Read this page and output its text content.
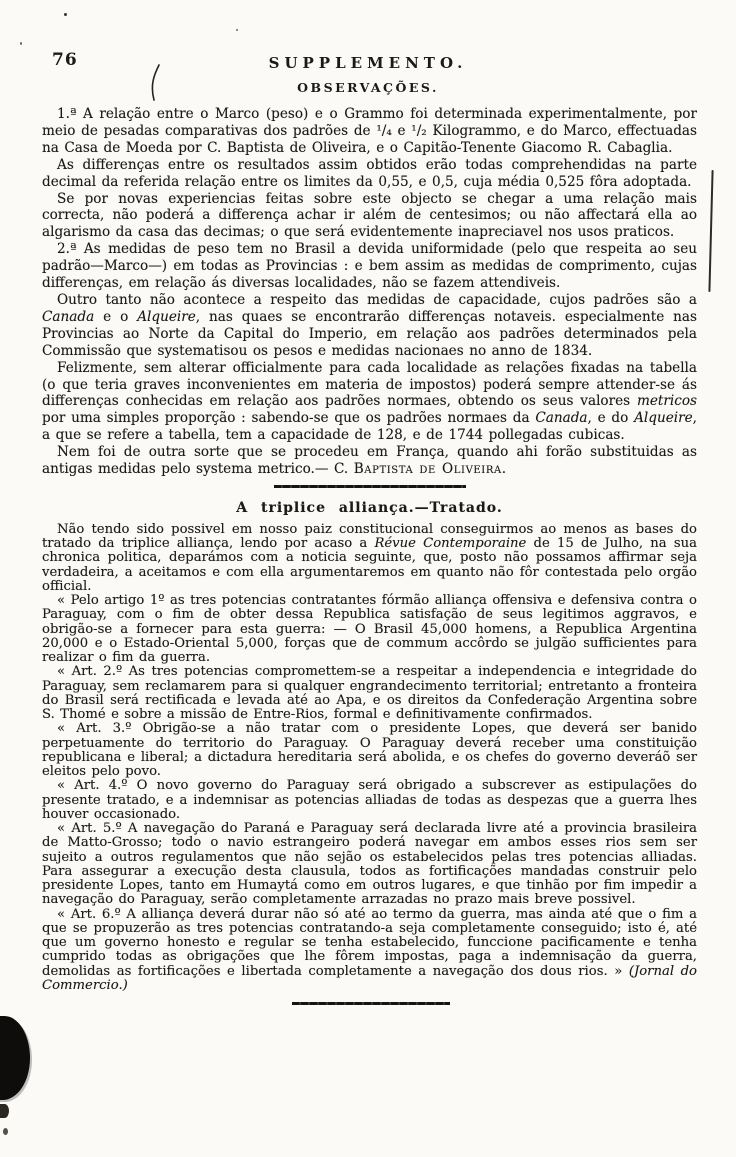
76	SUPPLEMENTO.
OBSERVAÇÕES.

1.ª A relação entre o Marco (peso) e o Grammo foi determinada experimentalmente, por meio de pesadas comparativas dos padrões de ¹/₄ e ¹/₂ Kilogrammo, e do Marco, effectuadas na Casa de Moeda por C. Baptista de Oliveira, e o Capitão-Tenente Giacomo R. Cabaglia.

As differenças entre os resultados assim obtidos erão todas comprehendidas na parte decimal da referida relação entre os limites da 0,55, e 0,5, cuja média 0,525 fôra adoptada.

Se por novas experiencias feitas sobre este objecto se chegar a uma relação mais correcta, não poderá a differença achar ir além de centesimos; ou não affectará ella ao algarismo da casa das decimas; o que será evidentemente inapreciavel nos usos praticos.

2.ª As medidas de peso tem no Brasil a devida uniformidade (pelo que respeita ao seu padrão—Marco—) em todas as Provincias : e bem assim as medidas de comprimento, cujas differenças, em relação ás diversas localidades, não se fazem attendiveis.

Outro tanto não acontece a respeito das medidas de capacidade, cujos padrões são a Canada e o Alqueire, nas quaes se encontrarão differenças notaveis. especialmente nas Provincias ao Norte da Capital do Imperio, em relação aos padrões determinados pela Commissão que systematisou os pesos e medidas nacionaes no anno de 1834.

Felizmente, sem alterar officialmente para cada localidade as relações fixadas na tabella (o que teria graves inconvenientes em materia de impostos) poderá sempre attender-se ás differenças conhecidas em relação aos padrões normaes, obtendo os seus valores metricos por uma simples proporção : sabendo-se que os padrões normaes da Canada, e do Alqueire, a que se refere a tabella, tem a capacidade de 128, e de 1744 pollegadas cubicas.

Nem foi de outra sorte que se procedeu em França, quando ahi forão substituidas as antigas medidas pelo systema metrico.— C. Baptista de Oliveira.

A triplice alliança.—Tratado.

Não tendo sido possivel em nosso paiz constitucional conseguirmos ao menos as bases do tratado da triplice alliança, lendo por acaso a Révue Contemporaine de 15 de Julho, na sua chronica politica, deparámos com a noticia seguinte, que, posto não possamos affirmar seja verdadeira, a aceitamos e com ella argumentaremos em quanto não fôr contestada pelo orgão official.

« Pelo artigo 1º as tres potencias contratantes fórmão alliança offensiva e defensiva contra o Paraguay, com o fim de obter dessa Republica satisfação de seus legitimos aggravos, e obrigão-se a fornecer para esta guerra: — O Brasil 45,000 homens, a Republica Argentina 20,000 e o Estado-Oriental 5,000, forças que de commum accôrdo se julgão sufficientes para realizar o fim da guerra.

« Art. 2.º As tres potencias compromettem-se a respeitar a independencia e integridade do Paraguay, sem reclamarem para si qualquer engrandecimento territorial; entretanto a fronteira do Brasil será rectificada e levada até ao Apa, e os direitos da Confederação Argentina sobre S. Thomé e sobre a missão de Entre-Rios, formal e definitivamente confirmados.

« Art. 3.º Obrigão-se a não tratar com o presidente Lopes, que deverá ser banido perpetuamente do territorio do Paraguay. O Paraguay deverá receber uma constituição republicana e liberal; a dictadura hereditaria será abolida, e os chefes do governo deveráõ ser eleitos pelo povo.

« Art. 4.º O novo governo do Paraguay será obrigado a subscrever as estipulações do presente tratado, e a indemnisar as potencias alliadas de todas as despezas que a guerra lhes houver occasionado.

« Art. 5.º A navegação do Paraná e Paraguay será declarada livre até a provincia brasileira de Matto-Grosso; todo o navio estrangeiro poderá navegar em ambos esses rios sem ser sujeito a outros regulamentos que não sejão os estabelecidos pelas tres potencias alliadas. Para assegurar a execução desta clausula, todos as fortificações mandadas construir pelo presidente Lopes, tanto em Humaytá como em outros lugares, e que tinhão por fim impedir a navegação do Paraguay, serão completamente arrazadas no prazo mais breve possivel.

« Art. 6.º A alliança deverá durar não só até ao termo da guerra, mas ainda até que o fim a que se propuzerão as tres potencias contratando-a seja completamente conseguido; isto é, até que um governo honesto e regular se tenha estabelecido, funccione pacificamente e tenha cumprido todas as obrigações que lhe fôrem impostas, paga a indemnisação da guerra, demolidas as fortificações e libertada completamente a navegação dos dous rios. » (Jornal do Commercio.)
